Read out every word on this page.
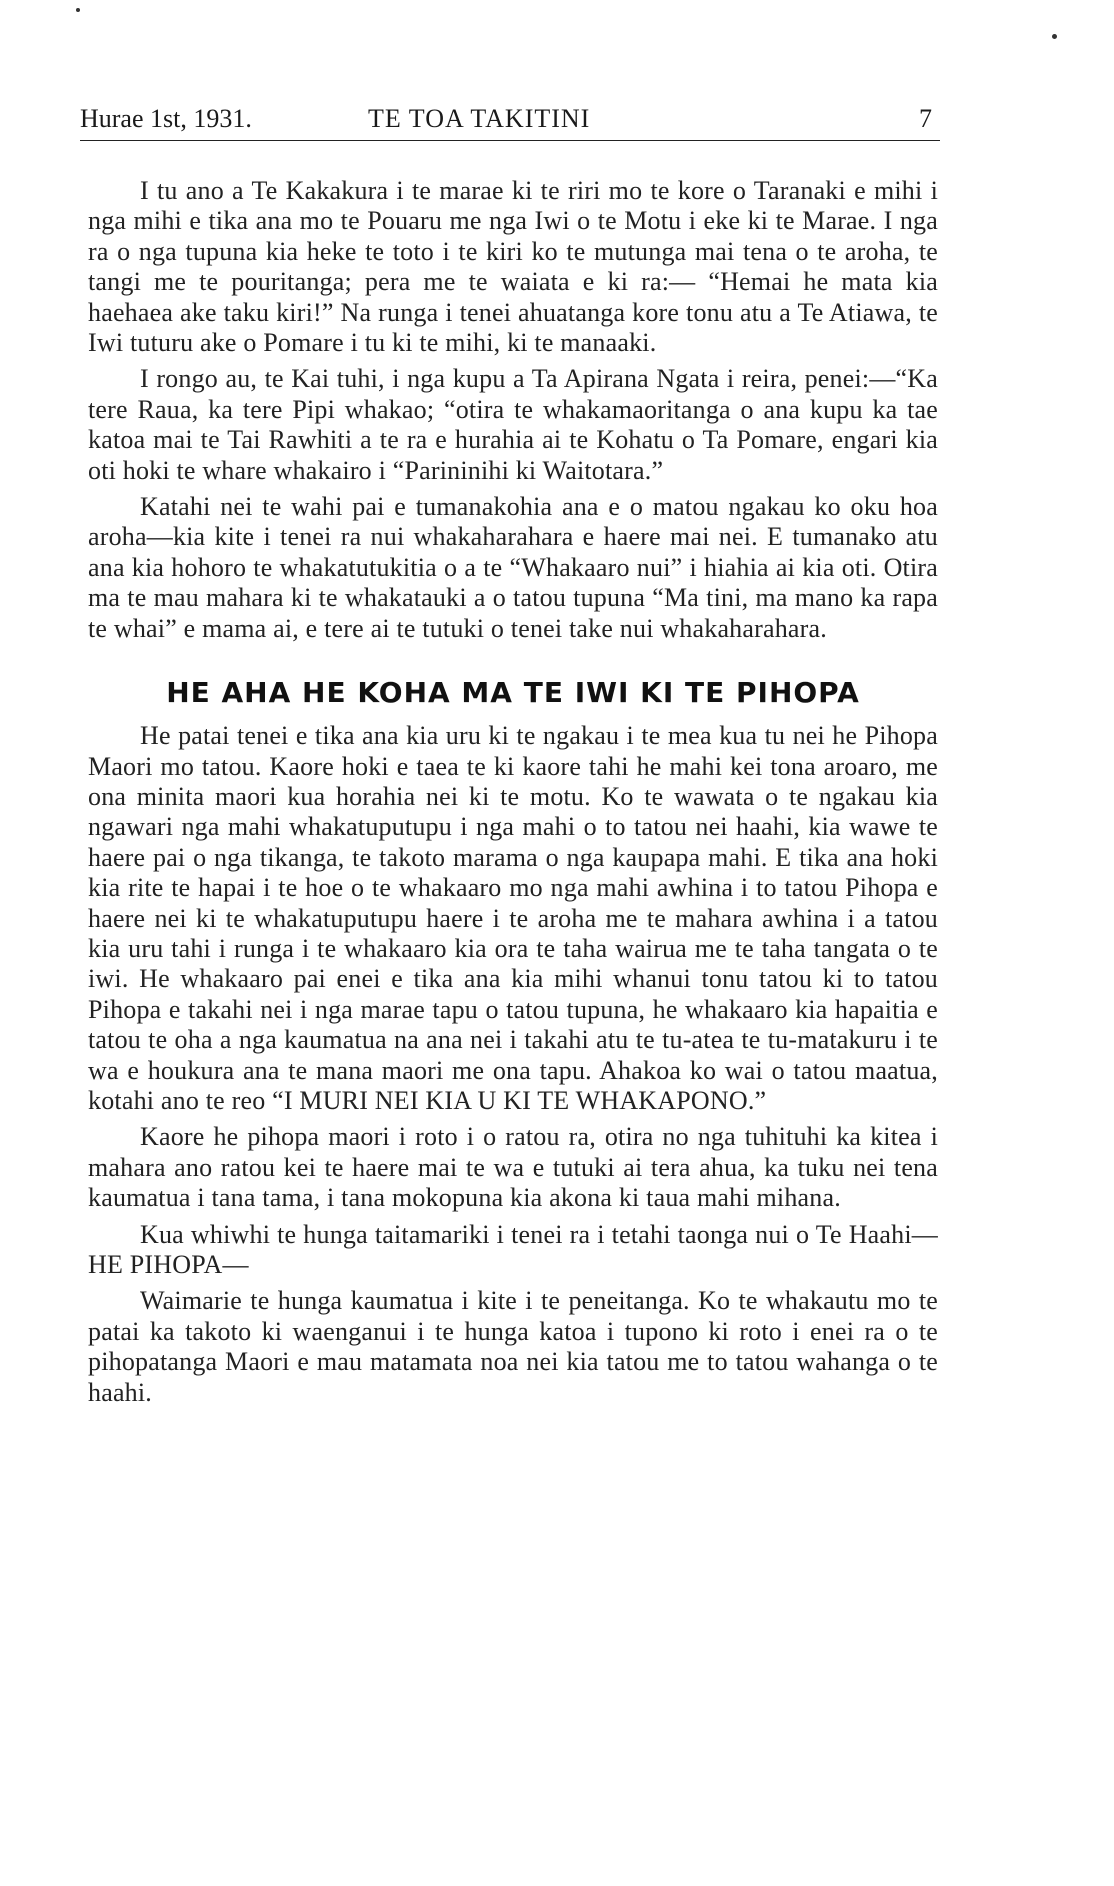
Hurae 1st, 1931.	TE TOA TAKITINI	7

I tu ano a Te Kakakura i te marae ki te riri mo te kore o Taranaki e mihi i nga mihi e tika ana mo te Pouaru me nga Iwi o te Motu i eke ki te Marae. I nga ra o nga tupuna kia heke te toto i te kiri ko te mutunga mai tena o te aroha, te tangi me te pouritanga; pera me te waiata e ki ra:— “Hemai he mata kia haehaea ake taku kiri!” Na runga i tenei ahuatanga kore tonu atu a Te Atiawa, te Iwi tuturu ake o Pomare i tu ki te mihi, ki te manaaki.

I rongo au, te Kai tuhi, i nga kupu a Ta Apirana Ngata i reira, penei:—“Ka tere Raua, ka tere Pipi whakao; “otira te whakamaoritanga o ana kupu ka tae katoa mai te Tai Rawhiti a te ra e hurahia ai te Kohatu o Ta Pomare, engari kia oti hoki te whare whakairo i “Parininihi ki Waitotara.”

Katahi nei te wahi pai e tumanakohia ana e o matou ngakau ko oku hoa aroha—kia kite i tenei ra nui whakaharahara e haere mai nei. E tumanako atu ana kia hohoro te whakatutukitia o a te “Whakaaro nui” i hiahia ai kia oti. Otira ma te mau mahara ki te whakatauki a o tatou tupuna “Ma tini, ma mano ka rapa te whai” e mama ai, e tere ai te tutuki o tenei take nui whakaharahara.

HE AHA HE KOHA MA TE IWI KI TE PIHOPA

He patai tenei e tika ana kia uru ki te ngakau i te mea kua tu nei he Pihopa Maori mo tatou. Kaore hoki e taea te ki kaore tahi he mahi kei tona aroaro, me ona minita maori kua horahia nei ki te motu. Ko te wawata o te ngakau kia ngawari nga mahi whakatuputupu i nga mahi o to tatou nei haahi, kia wawe te haere pai o nga tikanga, te takoto marama o nga kaupapa mahi. E tika ana hoki kia rite te hapai i te hoe o te whakaaro mo nga mahi awhina i to tatou Pihopa e haere nei ki te whakatuputupu haere i te aroha me te mahara awhina i a tatou kia uru tahi i runga i te whakaaro kia ora te taha wairua me te taha tangata o te iwi. He whakaaro pai enei e tika ana kia mihi whanui tonu tatou ki to tatou Pihopa e takahi nei i nga marae tapu o tatou tupuna, he whakaaro kia hapaitia e tatou te oha a nga kaumatua na ana nei i takahi atu te tu-atea te tu-matakuru i te wa e houkura ana te mana maori me ona tapu. Ahakoa ko wai o tatou maatua, kotahi ano te reo “I MURI NEI KIA U KI TE WHAKAPONO.”

Kaore he pihopa maori i roto i o ratou ra, otira no nga tuhituhi ka kitea i mahara ano ratou kei te haere mai te wa e tutuki ai tera ahua, ka tuku nei tena kaumatua i tana tama, i tana mokopuna kia akona ki taua mahi mihana.

Kua whiwhi te hunga taitamariki i tenei ra i tetahi taonga nui o Te Haahi—HE PIHOPA—

Waimarie te hunga kaumatua i kite i te peneitanga. Ko te whakautu mo te patai ka takoto ki waenganui i te hunga katoa i tupono ki roto i enei ra o te pihopatanga Maori e mau matamata noa nei kia tatou me to tatou wahanga o te haahi.
